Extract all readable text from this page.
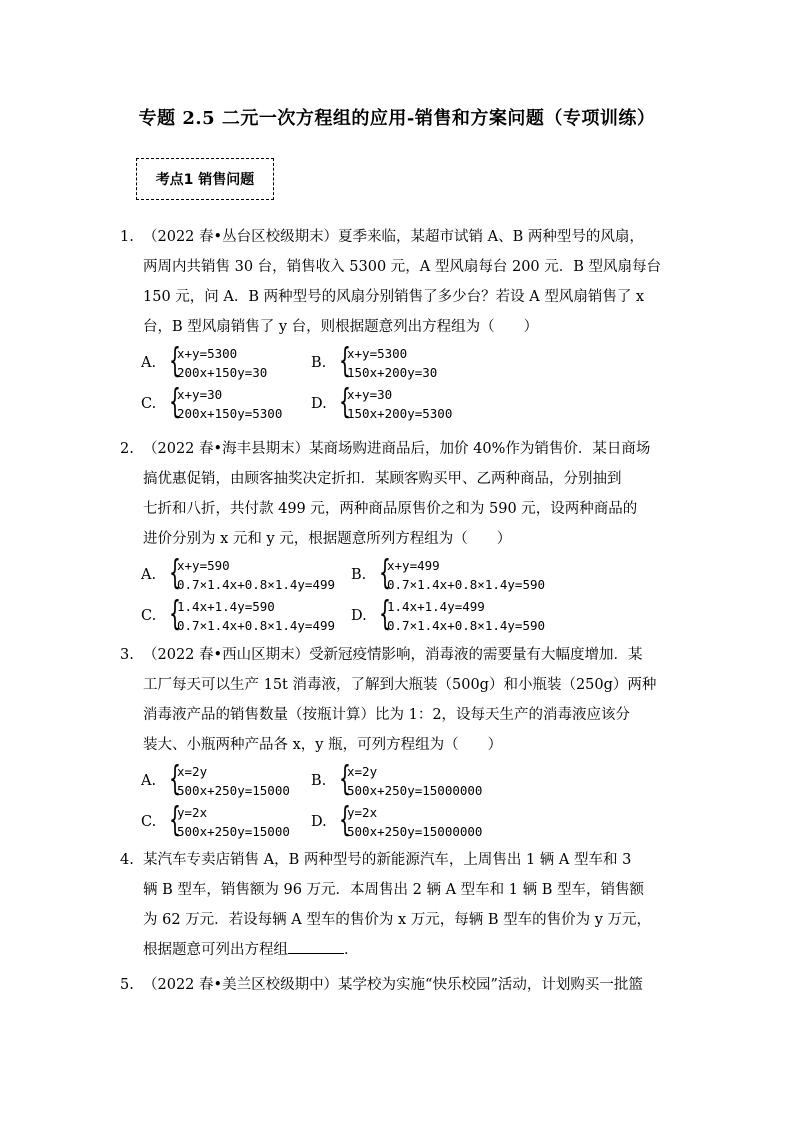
专题 2.5 二元一次方程组的应用-销售和方案问题（专项训练）
考点1 销售问题
1. （2022 春•丛台区校级期末）夏季来临，某超市试销 A、B 两种型号的风扇，
两周内共销售 30 台，销售收入 5300 元，A 型风扇每台 200 元．B 型风扇每台
150 元，问 A．B 两种型号的风扇分别销售了多少台？若设 A 型风扇销售了 x
台，B 型风扇销售了 y 台，则根据题意列出方程组为（　　）
A. {
x+y=5300
200x+150y=30
B. {
x+y=5300
150x+200y=30
C. {
x+y=30
200x+150y=5300
D. {
x+y=30
150x+200y=5300
2. （2022 春•海丰县期末）某商场购进商品后，加价 40%作为销售价．某日商场
搞优惠促销，由顾客抽奖决定折扣．某顾客购买甲、乙两种商品，分别抽到
七折和八折，共付款 499 元，两种商品原售价之和为 590 元，设两种商品的
进价分别为 x 元和 y 元，根据题意所列方程组为（　　）
A. {
x+y=590
0.7×1.4x+0.8×1.4y=499
B. {
x+y=499
0.7×1.4x+0.8×1.4y=590
C. {
1.4x+1.4y=590
0.7×1.4x+0.8×1.4y=499
D. {
1.4x+1.4y=499
0.7×1.4x+0.8×1.4y=590
3. （2022 春•西山区期末）受新冠疫情影响，消毒液的需要量有大幅度增加．某
工厂每天可以生产 15t 消毒液，了解到大瓶装（500g）和小瓶装（250g）两种
消毒液产品的销售数量（按瓶计算）比为 1：2，设每天生产的消毒液应该分
装大、小瓶两种产品各 x，y 瓶，可列方程组为（　　）
A. {
x=2y
500x+250y=15000
B. {
x=2y
500x+250y=15000000
C. {
y=2x
500x+250y=15000
D. {
y=2x
500x+250y=15000000
4. 某汽车专卖店销售 A，B 两种型号的新能源汽车，上周售出 1 辆 A 型车和 3
辆 B 型车，销售额为 96 万元．本周售出 2 辆 A 型车和 1 辆 B 型车，销售额
为 62 万元．若设每辆 A 型车的售价为 x 万元，每辆 B 型车的售价为 y 万元，
根据题意可列出方程组	．
5. （2022 春•美兰区校级期中）某学校为实施“快乐校园”活动，计划购买一批篮
